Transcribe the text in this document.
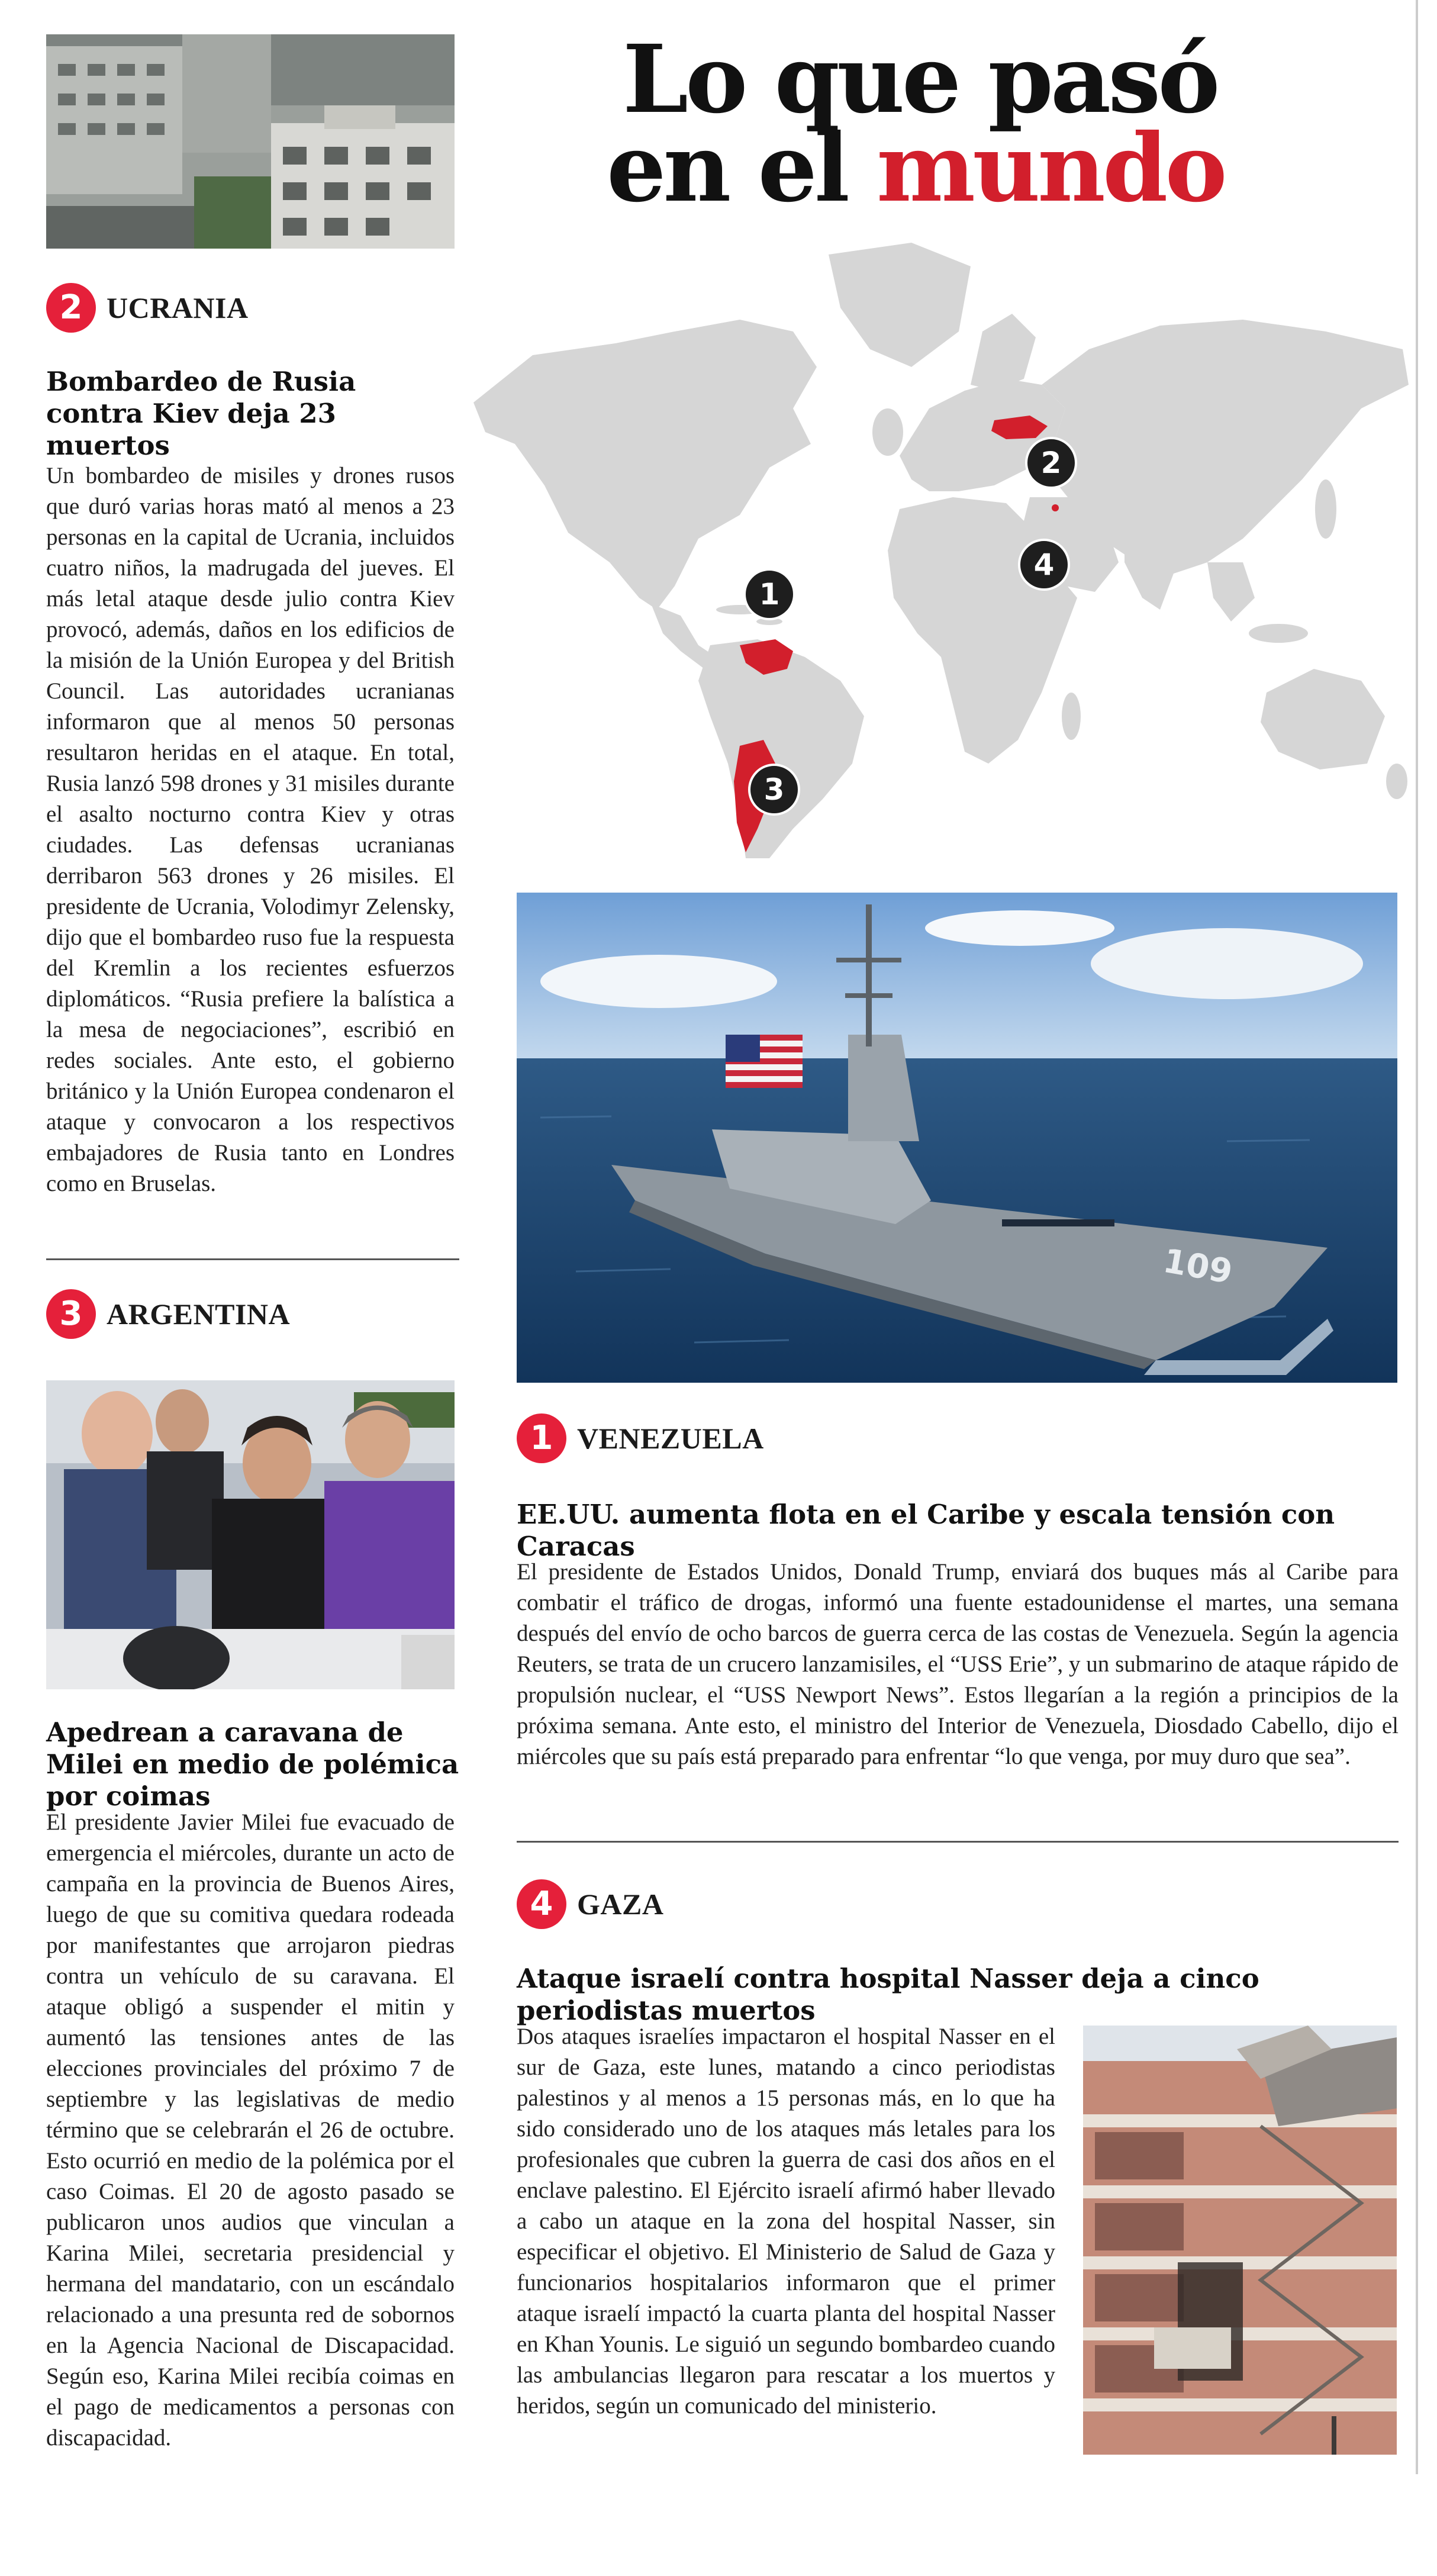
2 UCRANIA
Bombardeo de Rusia contra Kiev deja 23 muertos
Un bombardeo de misiles y drones rusos que duró varias horas mató al menos a 23 personas en la capital de Ucrania, incluidos cuatro niños, la madrugada del jueves. El más letal ataque desde julio contra Kiev provocó, además, daños en los edificios de la misión de la Unión Europea y del British Council. Las autoridades ucranianas informaron que al menos 50 personas resultaron heridas en el ataque. En total, Rusia lanzó 598 drones y 31 misiles durante el asalto nocturno contra Kiev y otras ciudades. Las defensas ucranianas derribaron 563 drones y 26 misiles. El presidente de Ucrania, Volodimyr Zelensky, dijo que el bombardeo ruso fue la respuesta del Kremlin a los recientes esfuerzos diplomáticos. “Rusia prefiere la balística a la mesa de negociaciones”, escribió en redes sociales. Ante esto, el gobierno británico y la Unión Europea condenaron el ataque y convocaron a los respectivos embajadores de Rusia tanto en Londres como en Bruselas.
3 ARGENTINA
Apedrean a caravana de Milei en medio de polémica por coimas
El presidente Javier Milei fue evacuado de emergencia el miércoles, durante un acto de campaña en la provincia de Buenos Aires, luego de que su comitiva quedara rodeada por manifestantes que arrojaron piedras contra un vehículo de su caravana. El ataque obligó a suspender el mitin y aumentó las tensiones antes de las elecciones provinciales del próximo 7 de septiembre y las legislativas de medio término que se celebrarán el 26 de octubre. Esto ocurrió en medio de la polémica por el caso Coimas. El 20 de agosto pasado se publicaron unos audios que vinculan a Karina Milei, secretaria presidencial y hermana del mandatario, con un escándalo relacionado a una presunta red de sobornos en la Agencia Nacional de Discapacidad. Según eso, Karina Milei recibía coimas en el pago de medicamentos a personas con discapacidad.
Lo que pasó
en el mundo
1
2
3
4
109
1 VENEZUELA
EE.UU. aumenta flota en el Caribe y escala tensión con Caracas
El presidente de Estados Unidos, Donald Trump, enviará dos buques más al Caribe para combatir el tráfico de drogas, informó una fuente estadounidense el martes, una semana después del envío de ocho barcos de guerra cerca de las costas de Venezuela. Según la agencia Reuters, se trata de un crucero lanzamisiles, el “USS Erie”, y un submarino de ataque rápido de propulsión nuclear, el “USS Newport News”. Estos llegarían a la región a principios de la próxima semana. Ante esto, el ministro del Interior de Venezuela, Diosdado Cabello, dijo el miércoles que su país está preparado para enfrentar “lo que venga, por muy duro que sea”.
4 GAZA
Ataque israelí contra hospital Nasser deja a cinco periodistas muertos
Dos ataques israelíes impactaron el hospital Nasser en el sur de Gaza, este lunes, matando a cinco periodistas palestinos y al menos a 15 personas más, en lo que ha sido considerado uno de los ataques más letales para los profesionales que cubren la guerra de casi dos años en el enclave palestino. El Ejército israelí afirmó haber llevado a cabo un ataque en la zona del hospital Nasser, sin especificar el objetivo. El Ministerio de Salud de Gaza y funcionarios hospitalarios informaron que el primer ataque israelí impactó la cuarta planta del hospital Nasser en Khan Younis. Le siguió un segundo bombardeo cuando las ambulancias llegaron para rescatar a los muertos y heridos, según un comunicado del ministerio.
